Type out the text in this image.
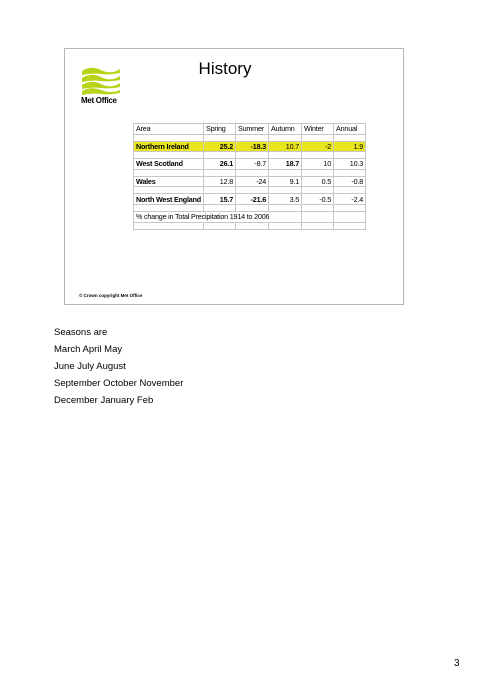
Met Office
History
Area	Spring	Summer	Autumn	Winter	Annual

Northern Ireland	25.2	-18.3	10.7	-2	1.9

West Scotland	26.1	-8.7	18.7	10	10.3

Wales	12.8	-24	9.1	0.5	-0.8

North West England	15.7	-21.6	3.5	-0.5	-2.4

% change in Total Precipitation 1914 to 2006					

© Crown copyright Met Office
Seasons are
March April May
June July August
September October November
December January Feb
3
